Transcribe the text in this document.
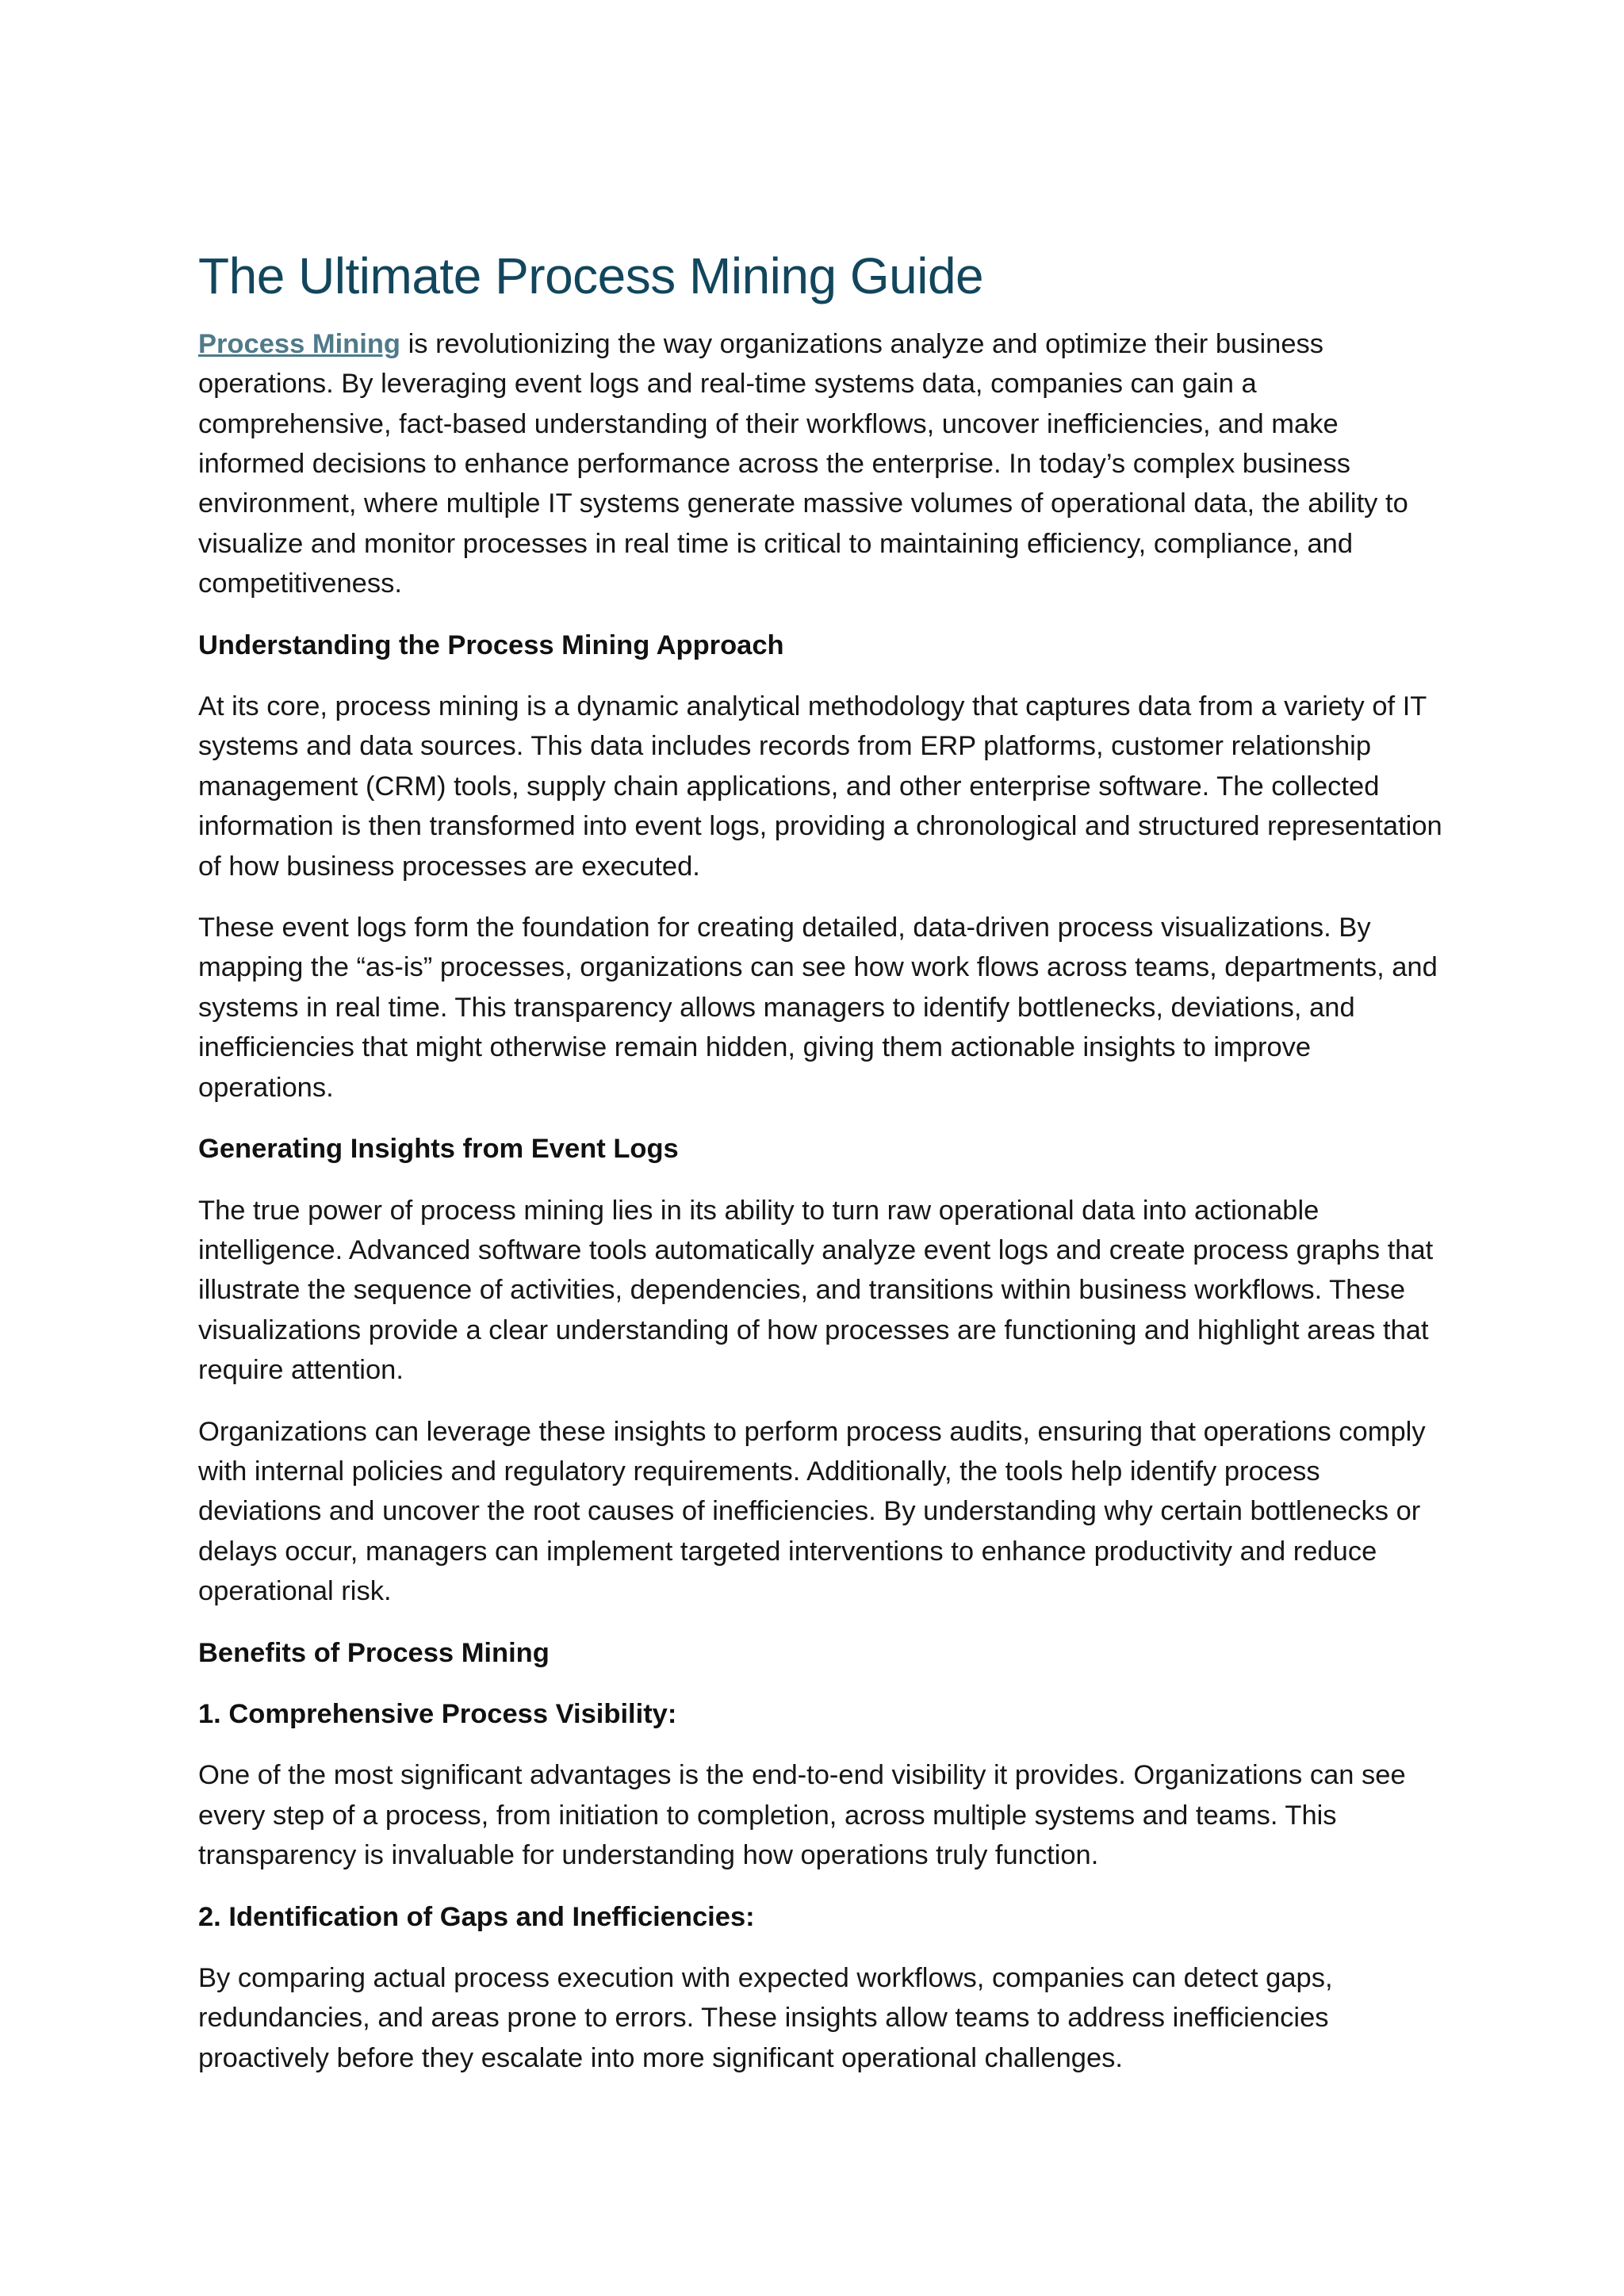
The Ultimate Process Mining Guide

Process Mining is revolutionizing the way organizations analyze and optimize their business operations. By leveraging event logs and real-time systems data, companies can gain a comprehensive, fact-based understanding of their workflows, uncover inefficiencies, and make informed decisions to enhance performance across the enterprise. In today’s complex business environment, where multiple IT systems generate massive volumes of operational data, the ability to visualize and monitor processes in real time is critical to maintaining efficiency, compliance, and competitiveness.

Understanding the Process Mining Approach

At its core, process mining is a dynamic analytical methodology that captures data from a variety of IT systems and data sources. This data includes records from ERP platforms, customer relationship management (CRM) tools, supply chain applications, and other enterprise software. The collected information is then transformed into event logs, providing a chronological and structured representation of how business processes are executed.

These event logs form the foundation for creating detailed, data-driven process visualizations. By mapping the “as-is” processes, organizations can see how work flows across teams, departments, and systems in real time. This transparency allows managers to identify bottlenecks, deviations, and inefficiencies that might otherwise remain hidden, giving them actionable insights to improve operations.

Generating Insights from Event Logs

The true power of process mining lies in its ability to turn raw operational data into actionable intelligence. Advanced software tools automatically analyze event logs and create process graphs that illustrate the sequence of activities, dependencies, and transitions within business workflows. These visualizations provide a clear understanding of how processes are functioning and highlight areas that require attention.

Organizations can leverage these insights to perform process audits, ensuring that operations comply with internal policies and regulatory requirements. Additionally, the tools help identify process deviations and uncover the root causes of inefficiencies. By understanding why certain bottlenecks or delays occur, managers can implement targeted interventions to enhance productivity and reduce operational risk.

Benefits of Process Mining
1. Comprehensive Process Visibility:

One of the most significant advantages is the end-to-end visibility it provides. Organizations can see every step of a process, from initiation to completion, across multiple systems and teams. This transparency is invaluable for understanding how operations truly function.

2. Identification of Gaps and Inefficiencies:

By comparing actual process execution with expected workflows, companies can detect gaps, redundancies, and areas prone to errors. These insights allow teams to address inefficiencies proactively before they escalate into more significant operational challenges.
